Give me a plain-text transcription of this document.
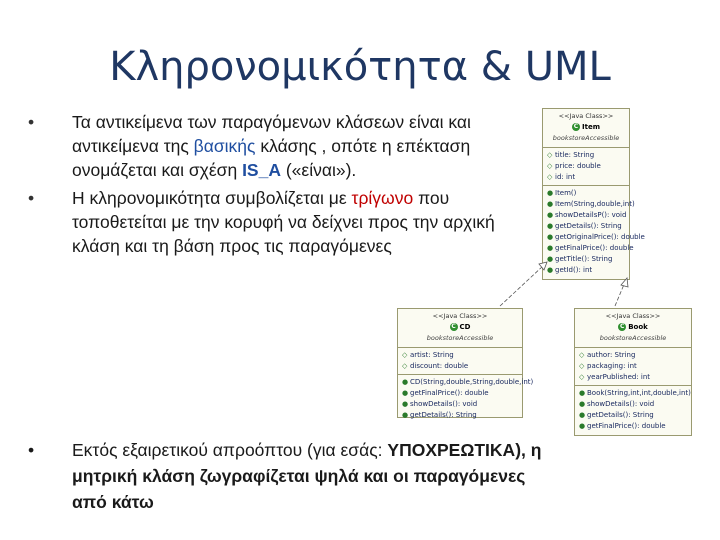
Κληρονομικότητα & UML
• Τα αντικείμενα των παραγόμενων κλάσεων είναι και αντικείμενα της βασικής κλάσης , οπότε η επέκταση ονομάζεται και σχέση IS_A («είναι»).
• Η κληρονομικότητα συμβολίζεται με τρίγωνο που τοποθετείται με την κορυφή να δείχνει προς την αρχική κλάση και τη βάση προς τις παραγόμενες
<<Java Class>>
C Item
bookstoreAccessible
◇ title: String
◇ price: double
◇ id: int
● Item()
● Item(String,double,int)
● showDetailsP(): void
● getDetails(): String
● getOriginalPrice(): double
● getFinalPrice(): double
● getTitle(): String
● getId(): int
<<Java Class>>
C CD
bookstoreAccessible
◇ artist: String
◇ discount: double
● CD(String,double,String,double,int)
● getFinalPrice(): double
● showDetails(): void
● getDetails(): String
<<Java Class>>
C Book
bookstoreAccessible
◇ author: String
◇ packaging: int
◇ yearPublished: int
● Book(String,int,int,double,int)
● showDetails(): void
● getDetails(): String
● getFinalPrice(): double
•	Εκτός εξαιρετικού απροόπτου (για εσάς: ΥΠΟΧΡΕΩΤΙΚΑ), η μητρική κλάση ζωγραφίζεται ψηλά και οι παραγόμενες από κάτω
